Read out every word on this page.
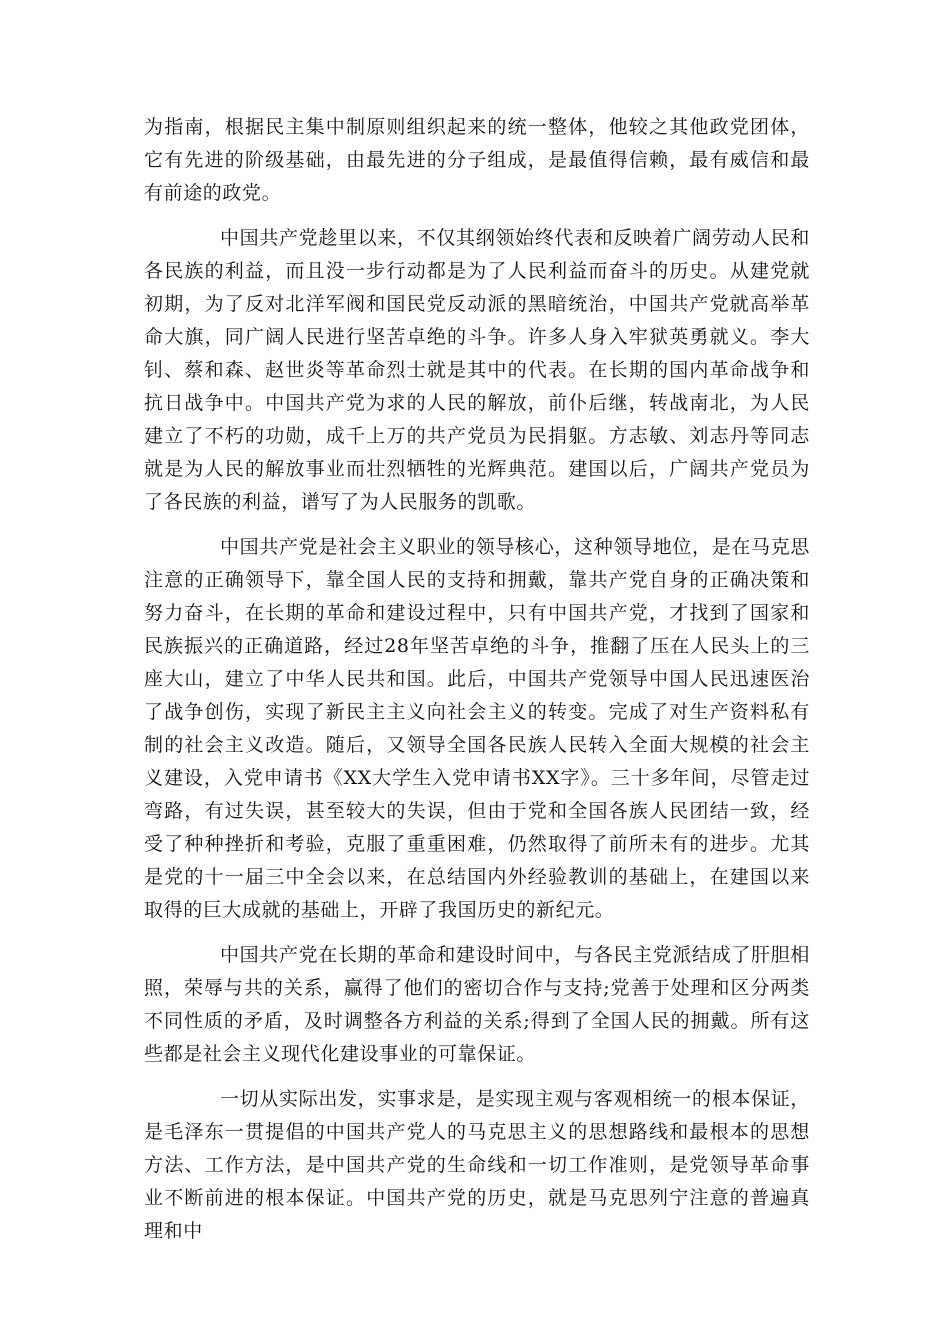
为指南，根据民主集中制原则组织起来的统一整体，他较之其他政党团体，它有先进的阶级基础，由最先进的分子组成，是最值得信赖，最有威信和最有前途的政党。

中国共产党趁里以来，不仅其纲领始终代表和反映着广阔劳动人民和各民族的利益，而且没一步行动都是为了人民利益而奋斗的历史。从建党就初期，为了反对北洋军阀和国民党反动派的黑暗统治，中国共产党就高举革命大旗，同广阔人民进行坚苦卓绝的斗争。许多人身入牢狱英勇就义。李大钊、蔡和森、赵世炎等革命烈士就是其中的代表。在长期的国内革命战争和抗日战争中。中国共产党为求的人民的解放，前仆后继，转战南北，为人民建立了不朽的功勋，成千上万的共产党员为民捐躯。方志敏、刘志丹等同志就是为人民的解放事业而壮烈牺牲的光辉典范。建国以后，广阔共产党员为了各民族的利益，谱写了为人民服务的凯歌。

中国共产党是社会主义职业的领导核心，这种领导地位，是在马克思注意的正确领导下，靠全国人民的支持和拥戴，靠共产党自身的正确决策和努力奋斗，在长期的革命和建设过程中，只有中国共产党，才找到了国家和民族振兴的正确道路，经过28年坚苦卓绝的斗争，推翻了压在人民头上的三座大山，建立了中华人民共和国。此后，中国共产党领导中国人民迅速医治了战争创伤，实现了新民主主义向社会主义的转变。完成了对生产资料私有制的社会主义改造。随后，又领导全国各民族人民转入全面大规模的社会主义建设，入党申请书《XX大学生入党申请书XX字》。三十多年间，尽管走过弯路，有过失误，甚至较大的失误，但由于党和全国各族人民团结一致，经受了种种挫折和考验，克服了重重困难，仍然取得了前所未有的进步。尤其是党的十一届三中全会以来，在总结国内外经验教训的基础上，在建国以来取得的巨大成就的基础上，开辟了我国历史的新纪元。

中国共产党在长期的革命和建设时间中，与各民主党派结成了肝胆相照，荣辱与共的关系，赢得了他们的密切合作与支持;党善于处理和区分两类不同性质的矛盾，及时调整各方利益的关系;得到了全国人民的拥戴。所有这些都是社会主义现代化建设事业的可靠保证。

一切从实际出发，实事求是，是实现主观与客观相统一的根本保证，是毛泽东一贯提倡的中国共产党人的马克思主义的思想路线和最根本的思想方法、工作方法，是中国共产党的生命线和一切工作准则，是党领导革命事业不断前进的根本保证。中国共产党的历史，就是马克思列宁注意的普遍真理和中
